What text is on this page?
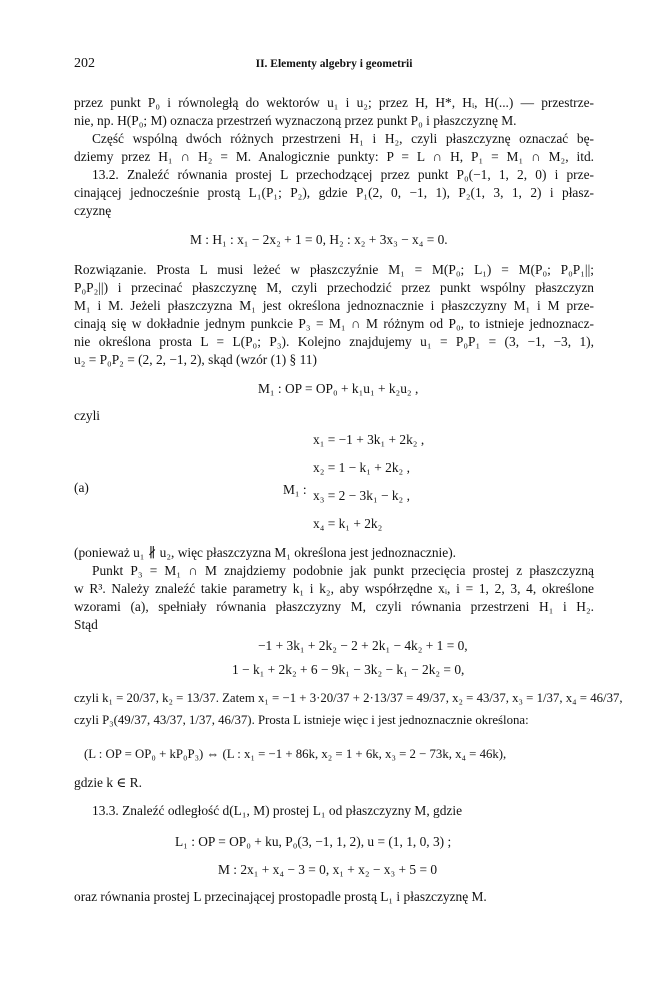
202	II. Elementy algebry i geometrii
przez punkt P₀ i równoległą do wektorów u₁ i u₂; przez H, H*, Hᵢ, H(...) — przestrze-
nie, np. H(P₀; M) oznacza przestrzeń wyznaczoną przez punkt P₀ i płaszczyznę M.
Część wspólną dwóch różnych przestrzeni H₁ i H₂, czyli płaszczyznę oznaczać bę-
dziemy przez H₁ ∩ H₂ = M. Analogicznie punkty: P = L ∩ H, P₁ = M₁ ∩ M₂, itd.
13.2. Znaleźć równania prostej L przechodzącej przez punkt P₀(−1, 1, 2, 0) i prze-
cinającej jednocześnie prostą L₁(P₁; P₂), gdzie P₁(2, 0, −1, 1), P₂(1, 3, 1, 2) i płasz-
czyznę
M : H₁ : x₁ − 2x₂ + 1 = 0, H₂ : x₂ + 3x₃ − x₄ = 0.
Rozwiązanie. Prosta L musi leżeć w płaszczyźnie M₁ = M(P₀; L₁) = M(P₀; P₀P₁||;
P₀P₂||) i przecinać płaszczyznę M, czyli przechodzić przez punkt wspólny płaszczyzn
M₁ i M. Jeżeli płaszczyzna M₁ jest określona jednoznacznie i płaszczyzny M₁ i M prze-
cinają się w dokładnie jednym punkcie P₃ = M₁ ∩ M różnym od P₀, to istnieje jednoznacz-
nie określona prosta L = L(P₀; P₃). Kolejno znajdujemy u₁ = P₀P₁ = (3, −1, −3, 1),
u₂ = P₀P₂ = (2, 2, −1, 2), skąd (wzór (1) § 11)
M₁ : OP = OP₀ + k₁u₁ + k₂u₂ ,
czyli
x₁ = −1 + 3k₁ + 2k₂ ,
x₂ = 1 − k₁ + 2k₂ ,
x₃ = 2 − 3k₁ − k₂ ,
x₄ = k₁ + 2k₂
(a)	M₁ :
(ponieważ u₁ ∦ u₂, więc płaszczyzna M₁ określona jest jednoznacznie).
Punkt P₃ = M₁ ∩ M znajdziemy podobnie jak punkt przecięcia prostej z płaszczyzną
w R³. Należy znaleźć takie parametry k₁ i k₂, aby współrzędne xᵢ, i = 1, 2, 3, 4, określone
wzorami (a), spełniały równania płaszczyzny M, czyli równania przestrzeni H₁ i H₂.
Stąd
−1 + 3k₁ + 2k₂ − 2 + 2k₁ − 4k₂ + 1 = 0,
1 − k₁ + 2k₂ + 6 − 9k₁ − 3k₂ − k₁ − 2k₂ = 0,
czyli k₁ = 20/37, k₂ = 13/37. Zatem x₁ = −1 + 3·20/37 + 2·13/37 = 49/37, x₂ = 43/37, x₃ = 1/37, x₄ = 46/37,
czyli P₃(49/37, 43/37, 1/37, 46/37). Prosta L istnieje więc i jest jednoznacznie określona:
(L : OP = OP₀ + kP₀P₃) ⇔ (L : x₁ = −1 + 86k, x₂ = 1 + 6k, x₃ = 2 − 73k, x₄ = 46k),
gdzie k ∈ R.
13.3. Znaleźć odległość d(L₁, M) prostej L₁ od płaszczyzny M, gdzie
L₁ : OP = OP₀ + ku, P₀(3, −1, 1, 2), u = (1, 1, 0, 3) ;
M : 2x₁ + x₄ − 3 = 0, x₁ + x₂ − x₃ + 5 = 0
oraz równania prostej L przecinającej prostopadle prostą L₁ i płaszczyznę M.
